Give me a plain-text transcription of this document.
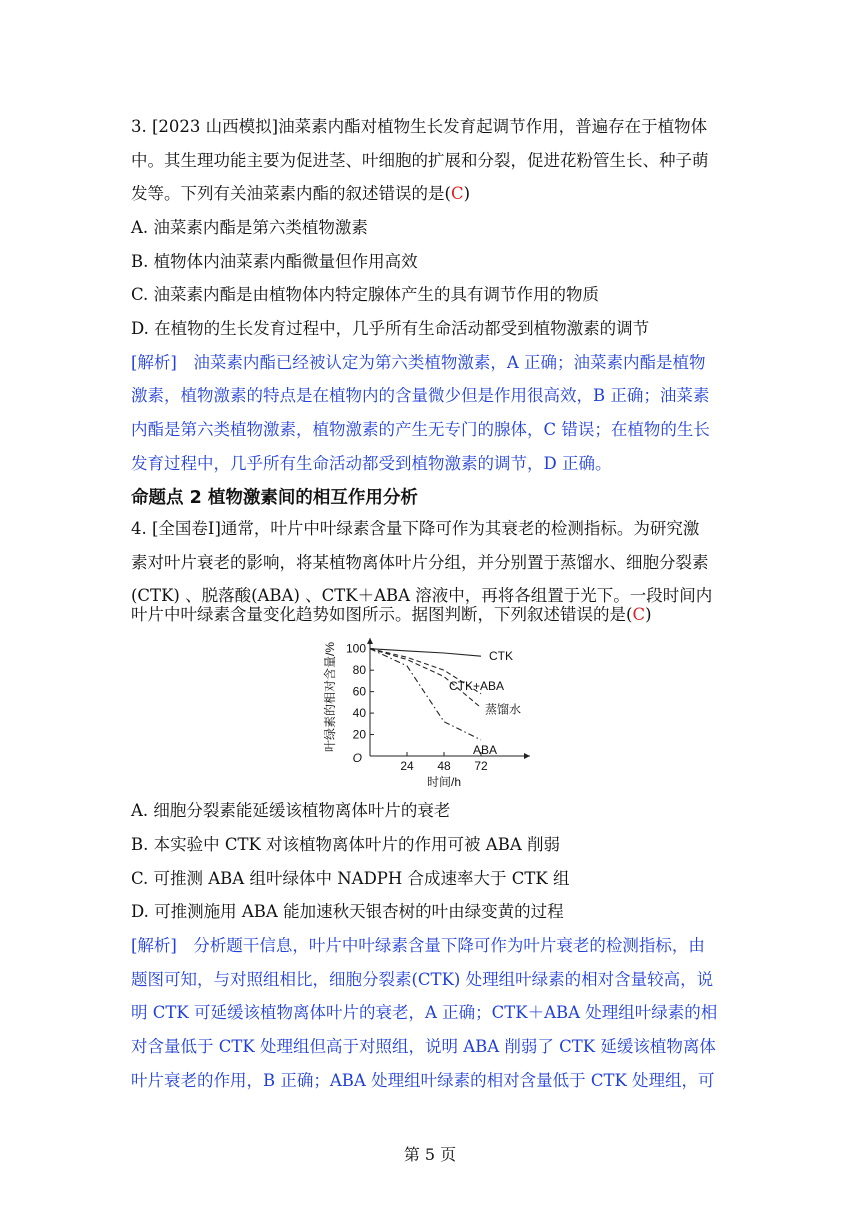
3. [2023 山西模拟]油菜素内酯对植物生长发育起调节作用，普遍存在于植物体
中。其生理功能主要为促进茎、叶细胞的扩展和分裂，促进花粉管生长、种子萌
发等。下列有关油菜素内酯的叙述错误的是(C)
A. 油菜素内酯是第六类植物激素
B. 植物体内油菜素内酯微量但作用高效
C. 油菜素内酯是由植物体内特定腺体产生的具有调节作用的物质
D. 在植物的生长发育过程中，几乎所有生命活动都受到植物激素的调节
[解析]　油菜素内酯已经被认定为第六类植物激素，A 正确；油菜素内酯是植物
激素，植物激素的特点是在植物内的含量微少但是作用很高效，B 正确；油菜素
内酯是第六类植物激素，植物激素的产生无专门的腺体，C 错误；在植物的生长
发育过程中，几乎所有生命活动都受到植物激素的调节，D 正确。
命题点 2 植物激素间的相互作用分析
4. [全国卷Ⅰ]通常，叶片中叶绿素含量下降可作为其衰老的检测指标。为研究激
素对叶片衰老的影响，将某植物离体叶片分组，并分别置于蒸馏水、细胞分裂素
(CTK) 、脱落酸(ABA) 、CTK＋ABA 溶液中，再将各组置于光下。一段时间内
叶片中叶绿素含量变化趋势如图所示。据图判断，下列叙述错误的是(C)
20
40
60
80
100
24 48 72
O
时间/h
叶绿素的相对含量/%	CTK
CTK+ABA
蒸馏水
ABA
A. 细胞分裂素能延缓该植物离体叶片的衰老
B. 本实验中 CTK 对该植物离体叶片的作用可被 ABA 削弱
C. 可推测 ABA 组叶绿体中 NADPH 合成速率大于 CTK 组
D. 可推测施用 ABA 能加速秋天银杏树的叶由绿变黄的过程
[解析]　分析题干信息，叶片中叶绿素含量下降可作为叶片衰老的检测指标，由
题图可知，与对照组相比，细胞分裂素(CTK) 处理组叶绿素的相对含量较高，说
明 CTK 可延缓该植物离体叶片的衰老，A 正确；CTK＋ABA 处理组叶绿素的相
对含量低于 CTK 处理组但高于对照组，说明 ABA 削弱了 CTK 延缓该植物离体
叶片衰老的作用，B 正确；ABA 处理组叶绿素的相对含量低于 CTK 处理组，可
第 5 页
